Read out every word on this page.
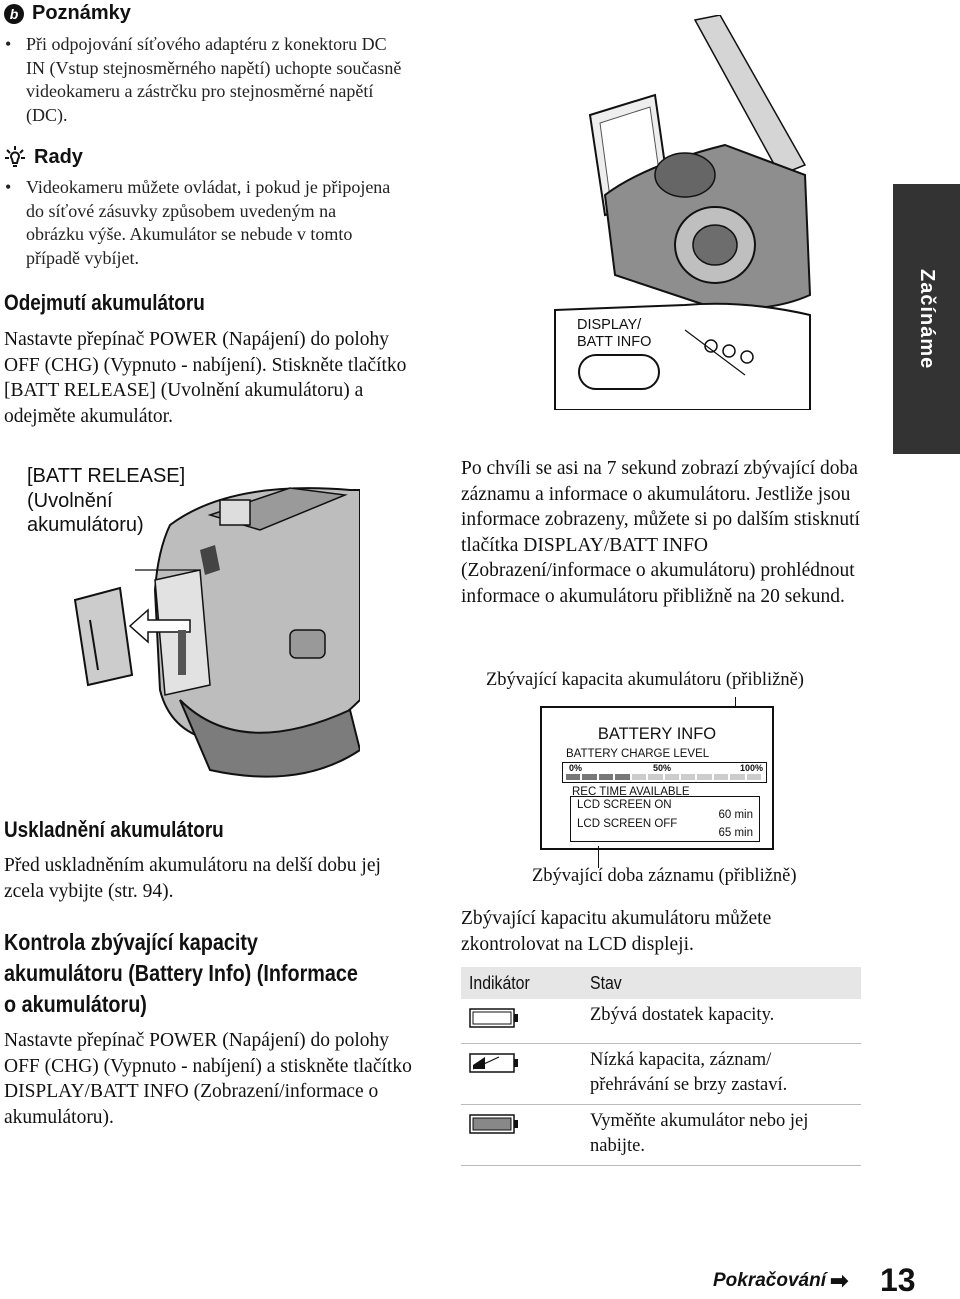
b Poznámky
• Při odpojování síťového adaptéru z konektoru DC IN (Vstup stejnosměrného napětí) uchopte současně videokameru a zástrčku pro stejnosměrné napětí (DC).
Rady
• Videokameru můžete ovládat, i pokud je připojena do síťové zásuvky způsobem uvedeným na obrázku výše. Akumulátor se nebude v tomto případě vybíjet.
Odejmutí akumulátoru
Nastavte přepínač POWER (Napájení) do polohy OFF (CHG) (Vypnuto - nabíjení). Stiskněte tlačítko [BATT RELEASE] (Uvolnění akumulátoru) a odejměte akumulátor.
[BATT RELEASE]
(Uvolnění
akumulátoru)
Uskladnění akumulátoru
Před uskladněním akumulátoru na delší dobu jej zcela vybijte (str. 94).
Kontrola zbývající kapacity
akumulátoru (Battery Info) (Informace
o akumulátoru)
Nastavte přepínač POWER (Napájení) do polohy OFF (CHG) (Vypnuto - nabíjení) a stiskněte tlačítko DISPLAY/BATT INFO (Zobrazení/informace o akumulátoru).
DISPLAY/
BATT INFO
Po chvíli se asi na 7 sekund zobrazí zbývající doba záznamu a informace o akumulátoru. Jestliže jsou informace zobrazeny, můžete si po dalším stisknutí tlačítka DISPLAY/BATT INFO (Zobrazení/informace o akumulátoru) prohlédnout informace o akumulátoru přibližně na 20 sekund.
Zbývající kapacita akumulátoru (přibližně)
BATTERY INFO
BATTERY CHARGE LEVEL
0%	50%	100%
REC TIME AVAILABLE
LCD SCREEN ON
60 min
LCD SCREEN OFF
65 min
Zbývající doba záznamu (přibližně)
Zbývající kapacitu akumulátoru můžete zkontrolovat na LCD displeji.
Indikátor	Stav
	Zbývá dostatek kapacity.
	Nízká kapacita, záznam/ přehrávání se brzy zastaví.
	Vyměňte akumulátor nebo jej nabijte.
Začínáme
Pokračování ➡ 13
